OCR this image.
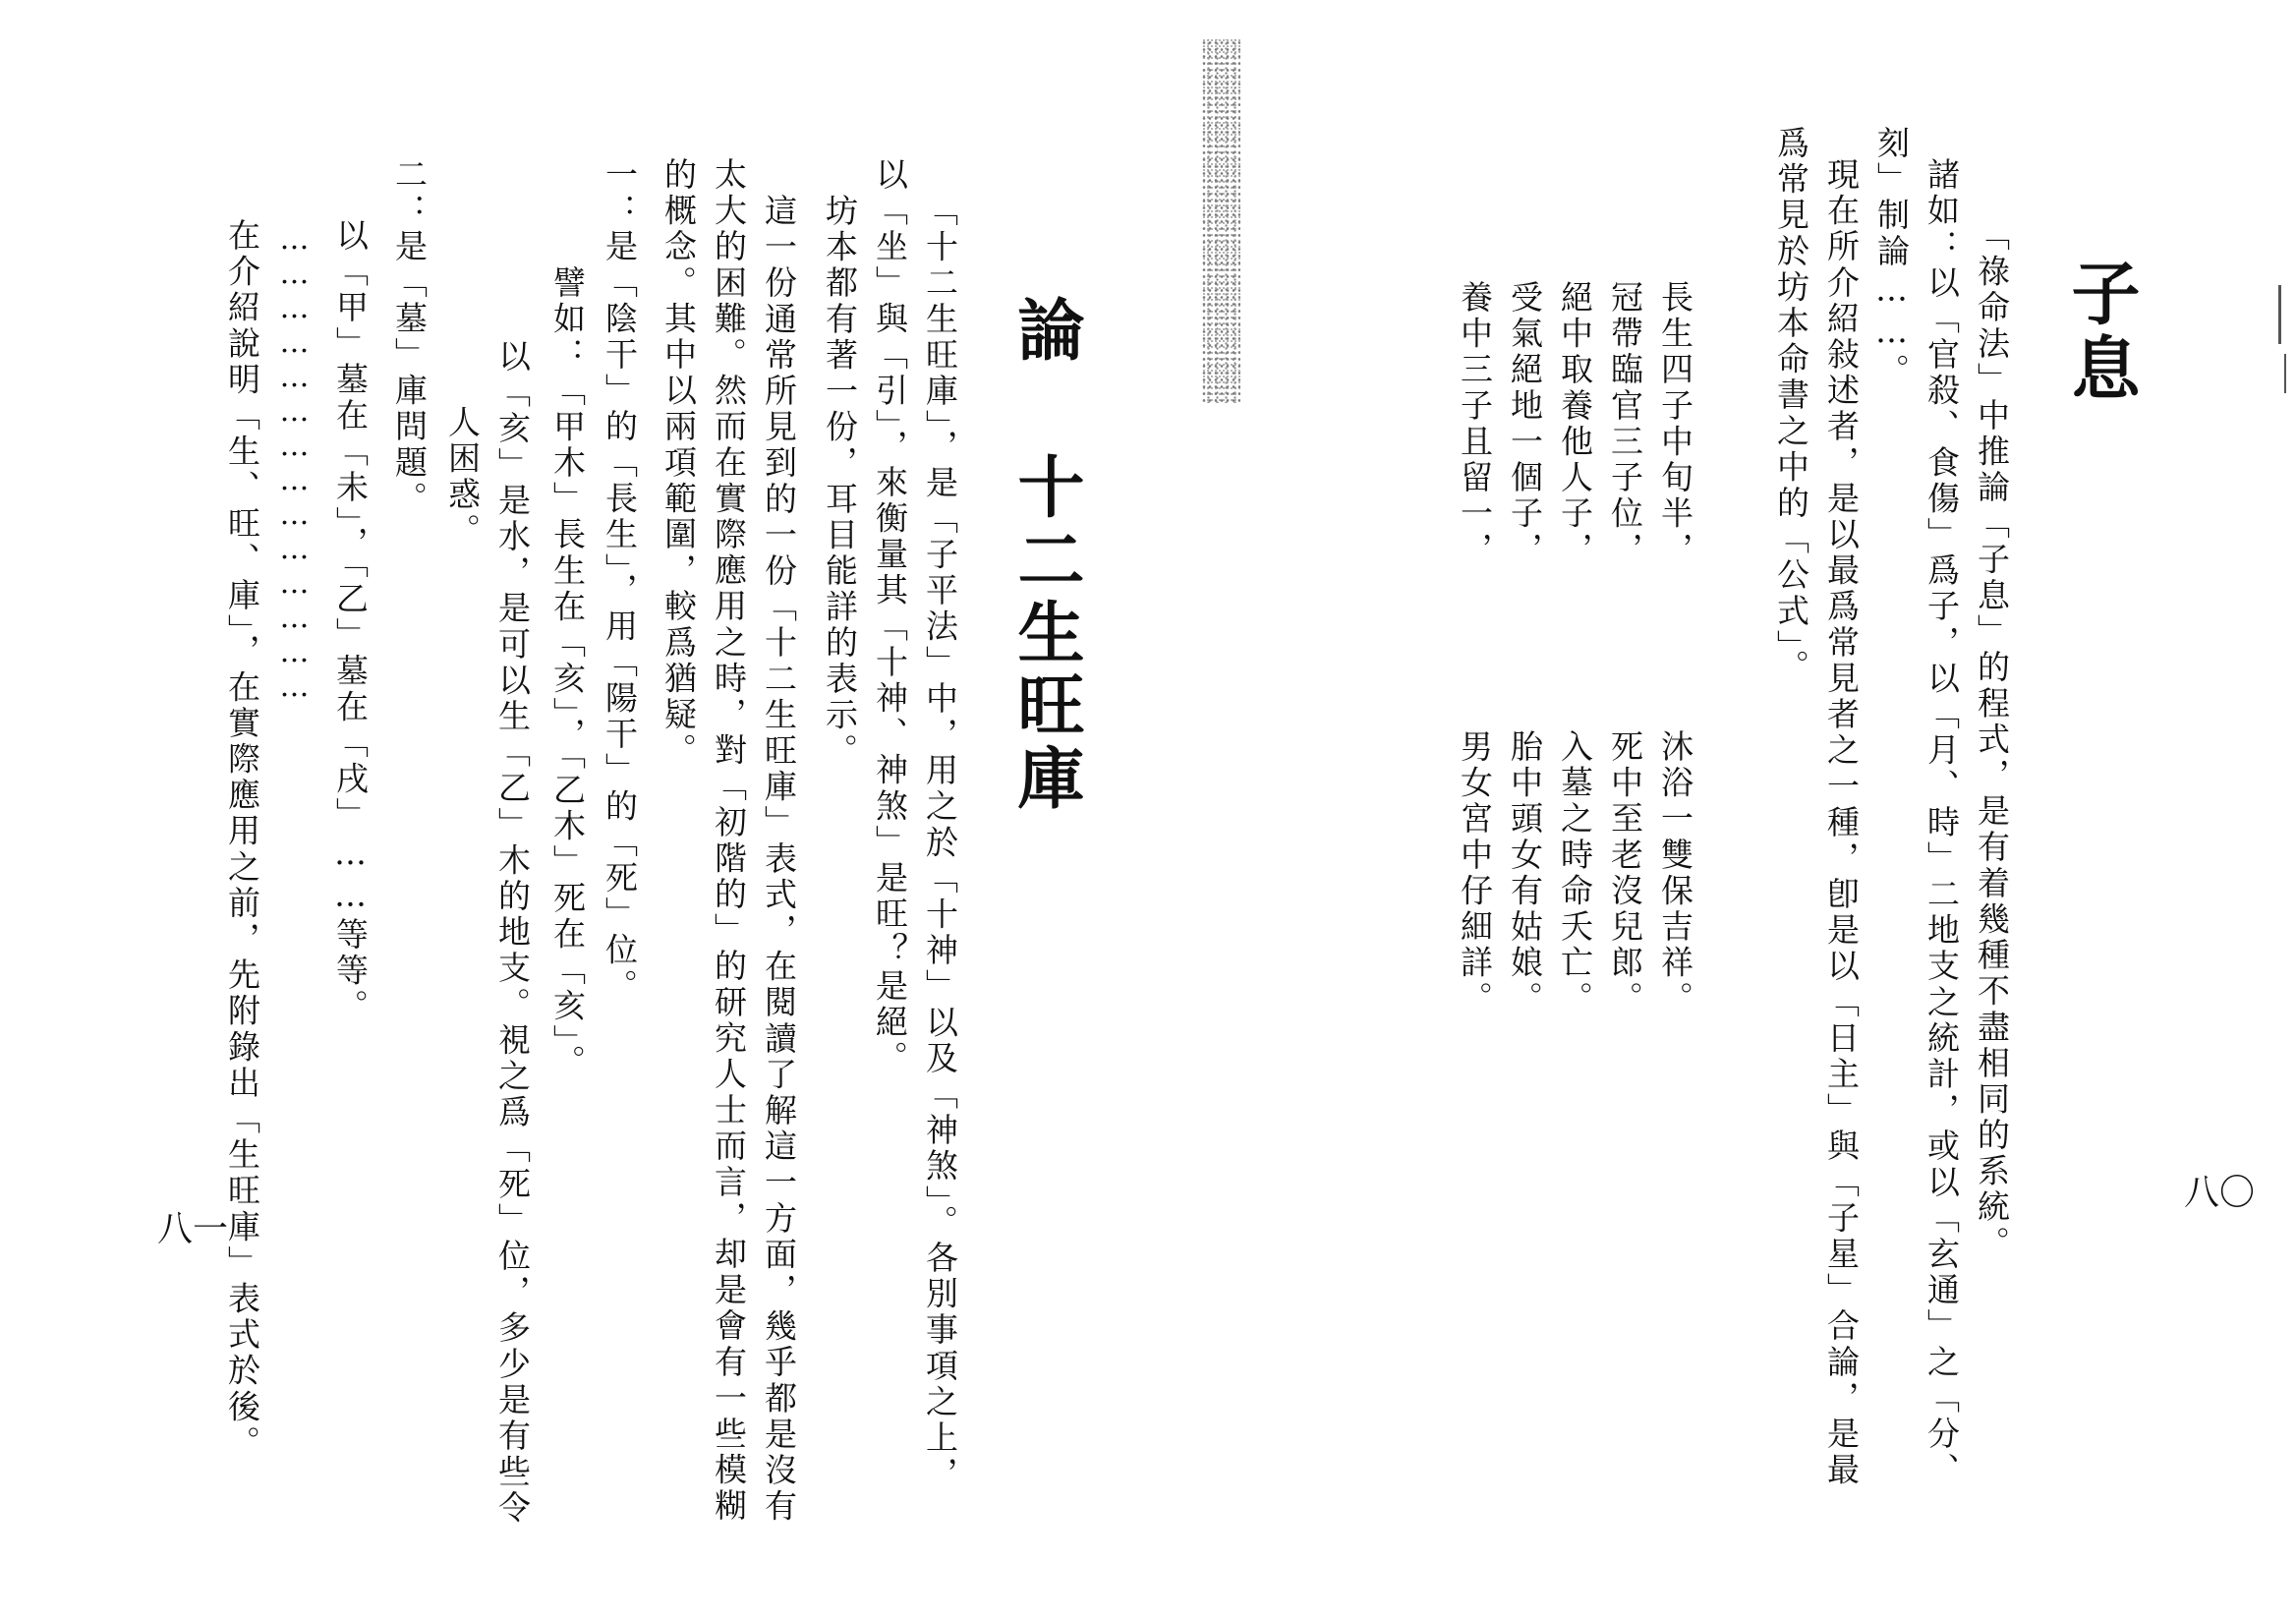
子息
「祿命法」中推論「子息」的程式，是有着幾種不盡相同的系統。
諸如：以「官殺、食傷」爲子，以「月、時」二地支之統計，或以「玄通」之「分、
刻」制論……。
現在所介紹敍述者，是以最爲常見者之一種，卽是以「日主」與「子星」合論，是最
爲常見於坊本命書之中的「公式」。
長生四子中旬半，
冠帶臨官三子位，
絕中取養他人子，
受氣絕地一個子，
養中三子且留一，
沐浴一雙保吉祥。
死中至老沒兒郎。
入墓之時命夭亡。
胎中頭女有姑娘。
男女宮中仔細詳。
八〇
論 十二生旺庫
「十二生旺庫」，是「子平法」中，用之於「十神」以及「神煞」。各別事項之上，
以「坐」與「引」，來衡量其「十神、神煞」是旺？是絕。
坊本都有著一份，耳目能詳的表示。
這一份通常所見到的一份「十二生旺庫」表式，在閱讀了解這一方面，幾乎都是沒有
太大的困難。然而在實際應用之時，對「初階的」的研究人士而言，却是會有一些模糊
的概念。其中以兩項範圍，較爲猶疑。
一：是「陰干」的「長生」，用「陽干」的「死」位。
譬如：「甲木」長生在「亥」，「乙木」死在「亥」。
以「亥」是水，是可以生「乙」木的地支。視之爲「死」位，多少是有些令
人困惑。
二：是「墓」庫問題。
以「甲」墓在「未」，「乙」墓在「戌」……等等。
……………………………………
在介紹說明「生、旺、庫」，在實際應用之前，先附錄出「生旺庫」表式於後。
八一
